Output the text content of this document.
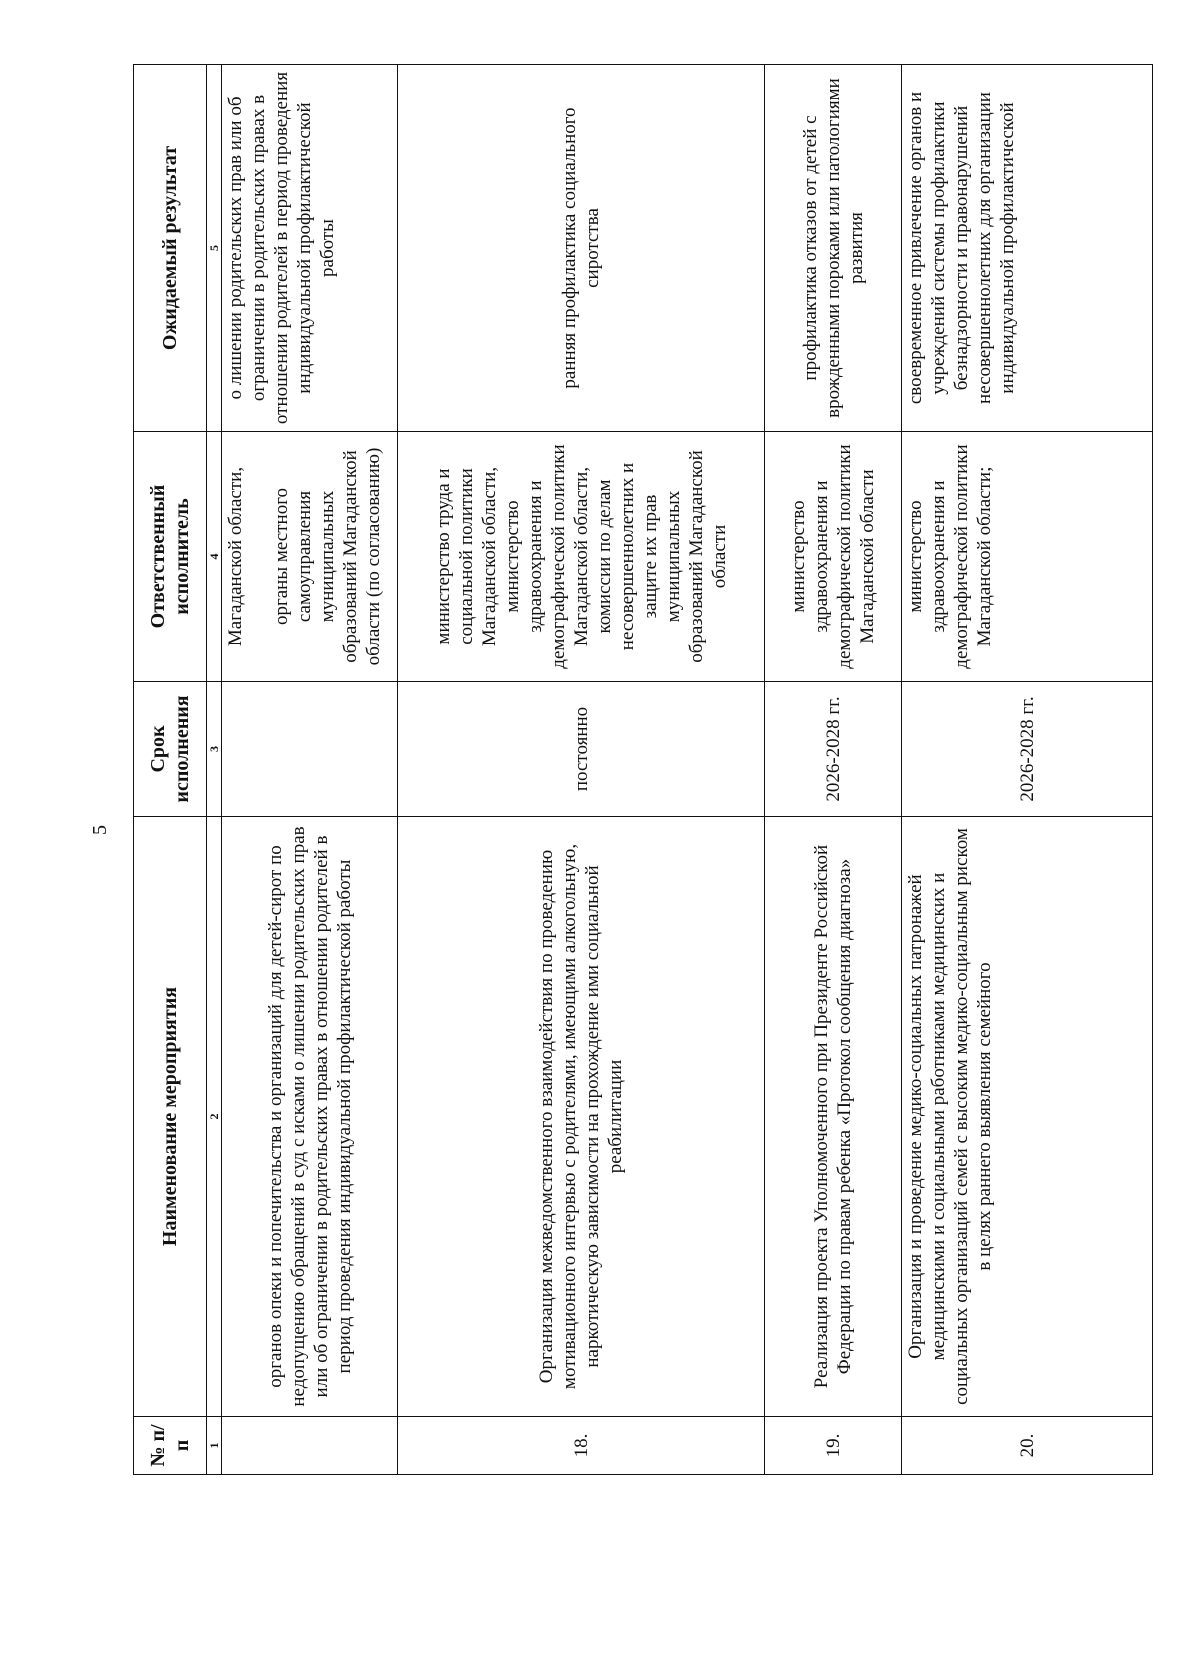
5
№ п/п	Наименование мероприятия	Срок исполнения	Ответственный исполнитель	Ожидаемый результат
1	2	3	4	5
	органов опеки и попечительства и организаций для детей-сирот по недопущению обращений в суд с исками о лишении родительских прав или об ограничении в родительских правах в отношении родителей в период проведения индивидуальной профилактической работы		Магаданской области, органы местного самоуправления муниципальных образований Магаданской области (по согласованию)	о лишении родительских прав или об ограничении в родительских правах в отношении родителей в период проведения индивидуальной профилактической работы
18.	Организация межведомственного взаимодействия по проведению мотивационного интервью с родителями, имеющими алкогольную, наркотическую зависимости на прохождение ими социальной реабилитации	постоянно	министерство труда и социальной политики Магаданской области, министерство здравоохранения и демографической политики Магаданской области, комиссии по делам несовершеннолетних и защите их прав муниципальных образований Магаданской области	ранняя профилактика социального сиротства
19.	Реализация проекта Уполномоченного при Президенте Российской Федерации по правам ребенка «Протокол сообщения диагноза»	2026-2028 гг.	министерство здравоохранения и демографической политики Магаданской области	профилактика отказов от детей с врожденными пороками или патологиями развития
20.	Организация и проведение медико-социальных патронажей медицинскими и социальными работниками медицинских и социальных организаций семей с высоким медико-социальным риском в целях раннего выявления семейного	2026-2028 гг.	министерство здравоохранения и демографической политики Магаданской области;	своевременное привлечение органов и учреждений системы профилактики безнадзорности и правонарушений несовершеннолетних для организации индивидуальной профилактической
